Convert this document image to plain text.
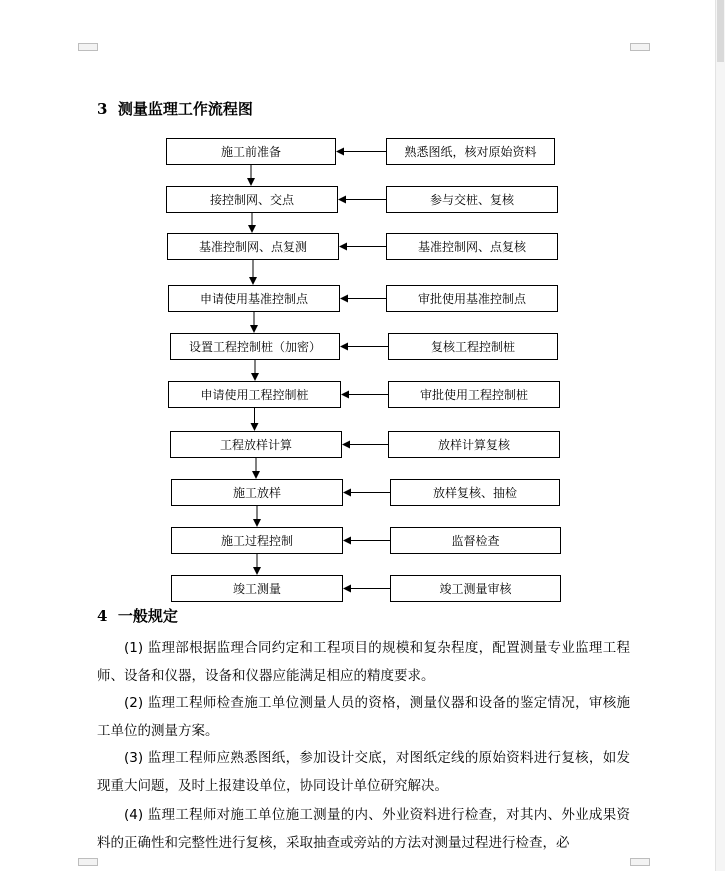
3 测量监理工作流程图
施工前准备
接控制网、交点
基准控制网、点复测
申请使用基准控制点
设置工程控制桩（加密）
申请使用工程控制桩
工程放样计算
施工放样
施工过程控制
竣工测量
熟悉图纸，核对原始资料
参与交桩、复核
基准控制网、点复核
审批使用基准控制点
复核工程控制桩
审批使用工程控制桩
放样计算复核
放样复核、抽检
监督检查
竣工测量审核
4 一般规定

(1) 监理部根据监理合同约定和工程项目的规模和复杂程度，配置测量专业监理工程师、设备和仪器，设备和仪器应能满足相应的精度要求。

(2) 监理工程师检查施工单位测量人员的资格，测量仪器和设备的鉴定情况，审核施工单位的测量方案。

(3) 监理工程师应熟悉图纸，参加设计交底，对图纸定线的原始资料进行复核，如发现重大问题，及时上报建设单位，协同设计单位研究解决。

(4) 监理工程师对施工单位施工测量的内、外业资料进行检查，对其内、外业成果资料的正确性和完整性进行复核，采取抽查或旁站的方法对测量过程进行检查，必
